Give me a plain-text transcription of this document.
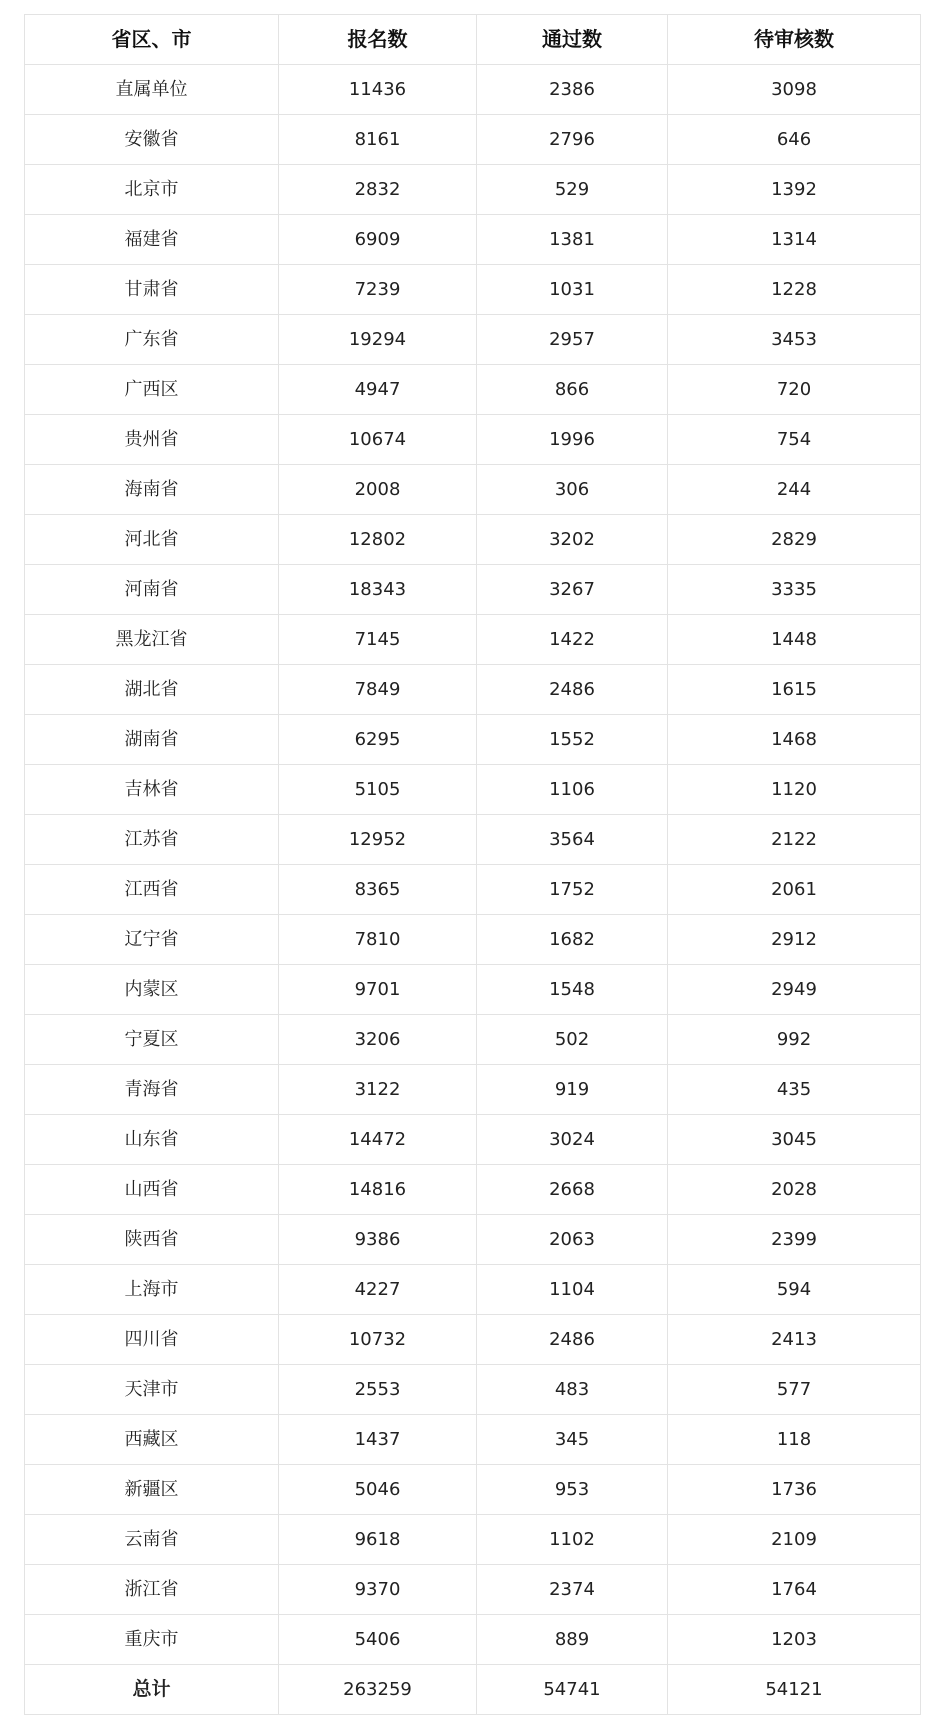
省区、市	报名数	通过数	待审核数
直属单位	11436	2386	3098
安徽省	8161	2796	646
北京市	2832	529	1392
福建省	6909	1381	1314
甘肃省	7239	1031	1228
广东省	19294	2957	3453
广西区	4947	866	720
贵州省	10674	1996	754
海南省	2008	306	244
河北省	12802	3202	2829
河南省	18343	3267	3335
黑龙江省	7145	1422	1448
湖北省	7849	2486	1615
湖南省	6295	1552	1468
吉林省	5105	1106	1120
江苏省	12952	3564	2122
江西省	8365	1752	2061
辽宁省	7810	1682	2912
内蒙区	9701	1548	2949
宁夏区	3206	502	992
青海省	3122	919	435
山东省	14472	3024	3045
山西省	14816	2668	2028
陕西省	9386	2063	2399
上海市	4227	1104	594
四川省	10732	2486	2413
天津市	2553	483	577
西藏区	1437	345	118
新疆区	5046	953	1736
云南省	9618	1102	2109
浙江省	9370	2374	1764
重庆市	5406	889	1203
总计	263259	54741	54121
